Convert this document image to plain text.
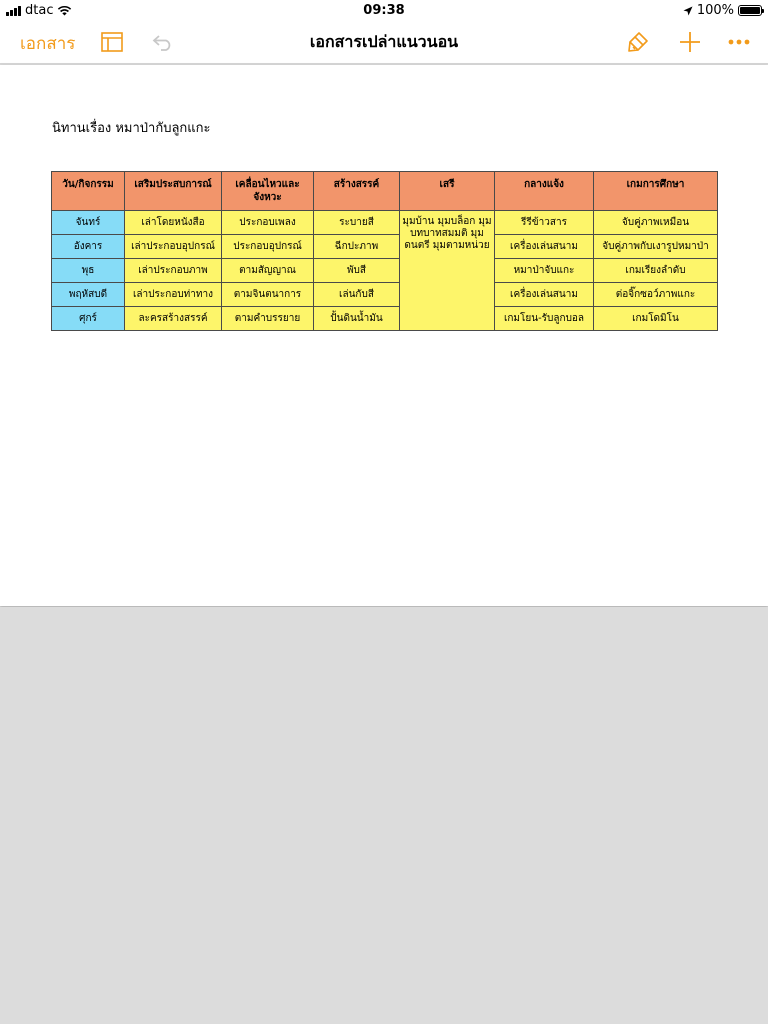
dtac	09:38	100%
เอกสาร	เอกสารเปล่าแนวนอน
นิทานเรื่อง หมาป่ากับลูกแกะ
วัน/กิจกรรม	เสริมประสบการณ์	เคลื่อนไหวและจังหวะ	สร้างสรรค์	เสรี	กลางแจ้ง	เกมการศึกษา
จันทร์	เล่าโดยหนังสือ	ประกอบเพลง	ระบายสี	มุมบ้าน มุมบล็อก มุมบทบาทสมมติ มุมดนตรี มุมตามหน่วย	รีรีข้าวสาร	จับคู่ภาพเหมือน
อังคาร	เล่าประกอบอุปกรณ์	ประกอบอุปกรณ์	ฉีกปะภาพ		เครื่องเล่นสนาม	จับคู่ภาพกับเงารูปหมาป่า
พุธ	เล่าประกอบภาพ	ตามสัญญาณ	พับสี		หมาป่าจับแกะ	เกมเรียงลำดับ
พฤหัสบดี	เล่าประกอบท่าทาง	ตามจินตนาการ	เล่นกับสี		เครื่องเล่นสนาม	ต่อจิ๊กซอว์ภาพแกะ
ศุกร์	ละครสร้างสรรค์	ตามคำบรรยาย	ปั้นดินน้ำมัน		เกมโยน-รับลูกบอล	เกมโดมิโน
